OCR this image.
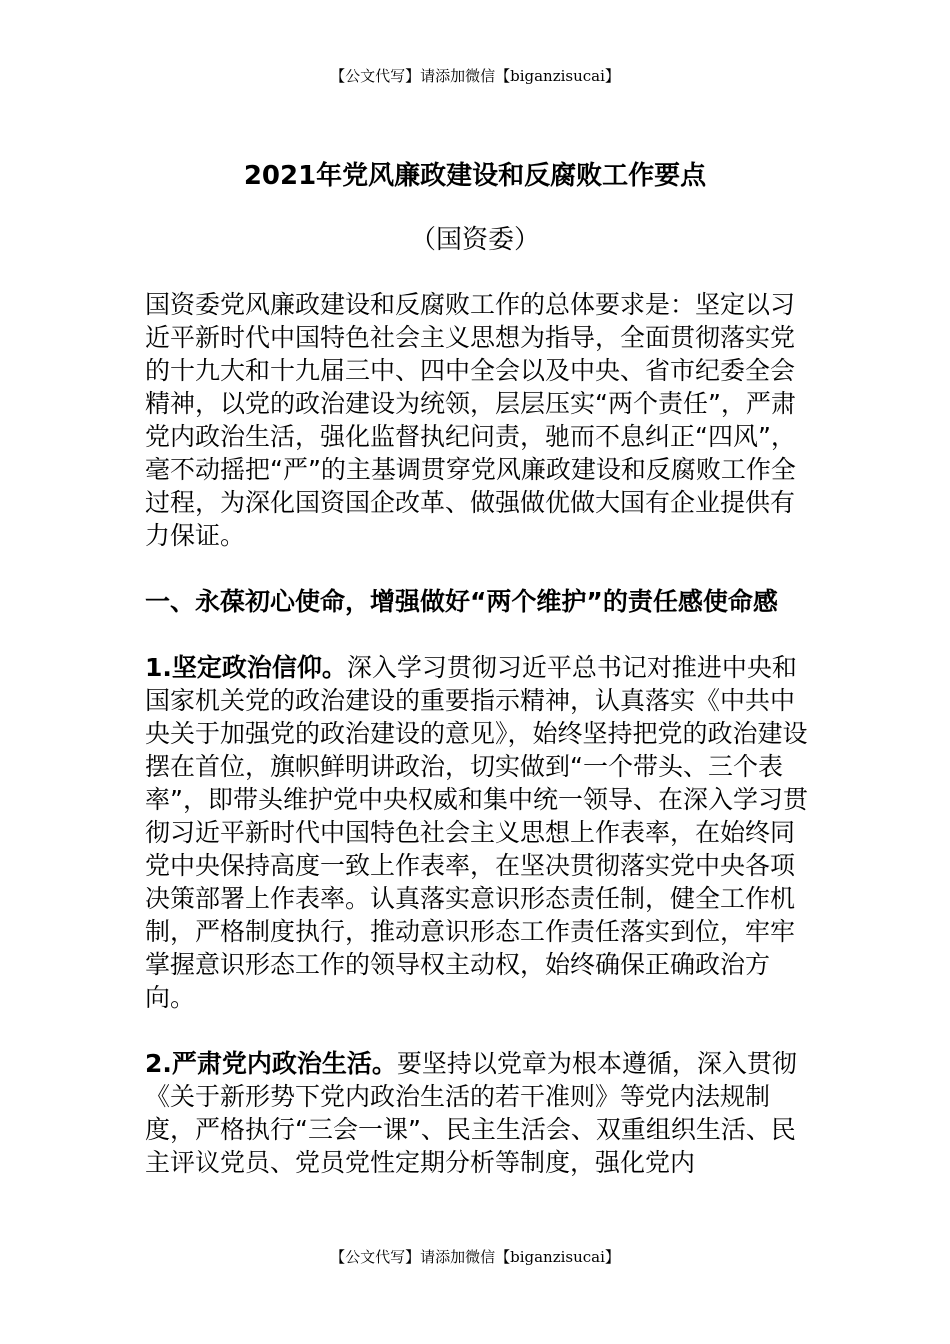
【公文代写】请添加微信【biganzisucai】
2021年党风廉政建设和反腐败工作要点
（国资委）

国资委党风廉政建设和反腐败工作的总体要求是：坚定以习近平新时代中国特色社会主义思想为指导，全面贯彻落实党的十九大和十九届三中、四中全会以及中央、省市纪委全会精神，以党的政治建设为统领，层层压实“两个责任”，严肃党内政治生活，强化监督执纪问责，驰而不息纠正“四风”，毫不动摇把“严”的主基调贯穿党风廉政建设和反腐败工作全过程，为深化国资国企改革、做强做优做大国有企业提供有力保证。

一、永葆初心使命，增强做好“两个维护”的责任感使命感

1.坚定政治信仰。深入学习贯彻习近平总书记对推进中央和国家机关党的政治建设的重要指示精神，认真落实《中共中央关于加强党的政治建设的意见》，始终坚持把党的政治建设摆在首位，旗帜鲜明讲政治，切实做到“一个带头、三个表率”，即带头维护党中央权威和集中统一领导、在深入学习贯彻习近平新时代中国特色社会主义思想上作表率，在始终同党中央保持高度一致上作表率，在坚决贯彻落实党中央各项决策部署上作表率。认真落实意识形态责任制，健全工作机制，严格制度执行，推动意识形态工作责任落实到位，牢牢掌握意识形态工作的领导权主动权，始终确保正确政治方向。

2.严肃党内政治生活。要坚持以党章为根本遵循，深入贯彻《关于新形势下党内政治生活的若干准则》等党内法规制度，严格执行“三会一课”、民主生活会、双重组织生活、民主评议党员、党员党性定期分析等制度，强化党内

【公文代写】请添加微信【biganzisucai】
